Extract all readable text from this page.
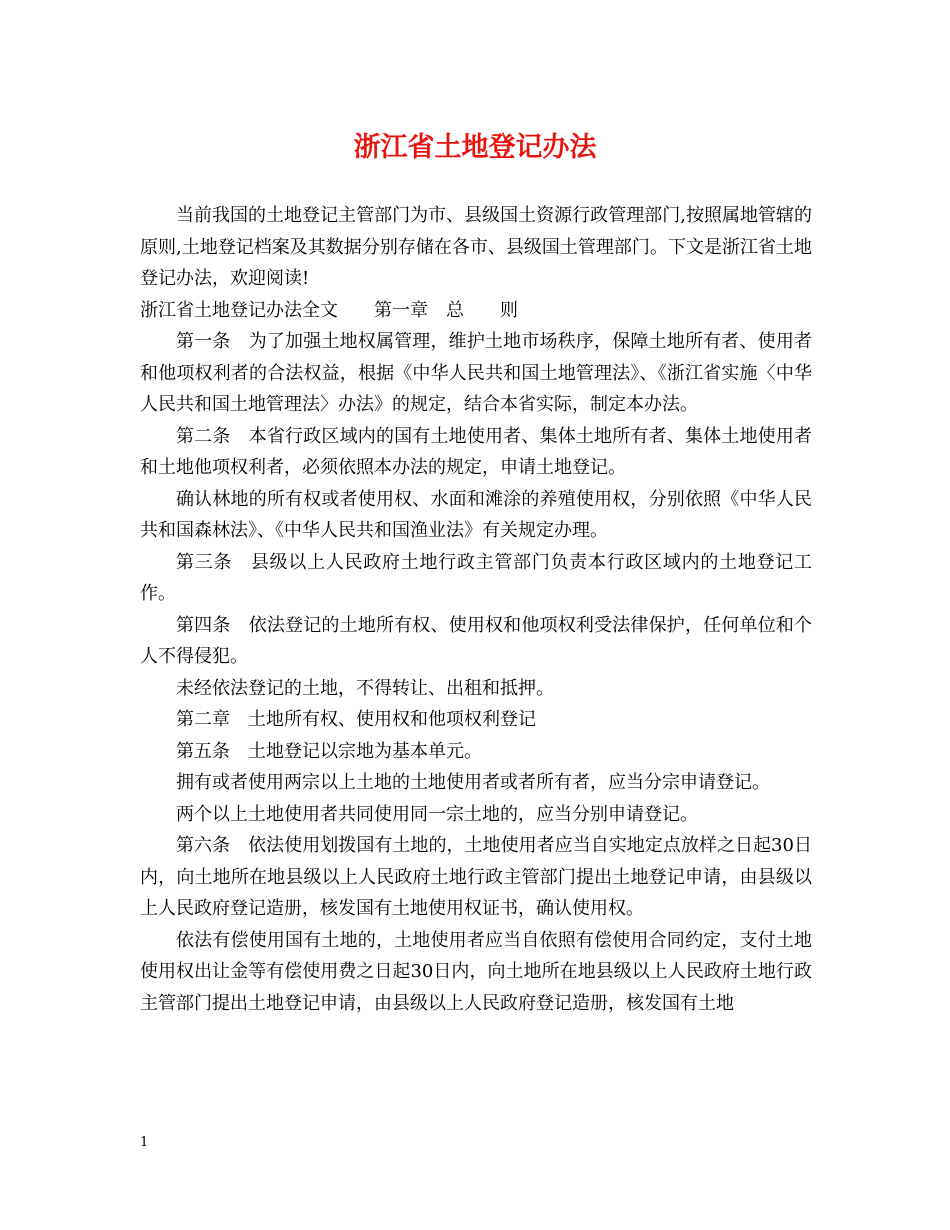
浙江省土地登记办法

当前我国的土地登记主管部门为市、县级国土资源行政管理部门,按照属地管辖的原则,土地登记档案及其数据分别存储在各市、县级国土管理部门。下文是浙江省土地登记办法，欢迎阅读!

浙江省土地登记办法全文　　第一章　总　　则

第一条　为了加强土地权属管理，维护土地市场秩序，保障土地所有者、使用者和他项权利者的合法权益，根据《中华人民共和国土地管理法》、《浙江省实施〈中华人民共和国土地管理法〉办法》的规定，结合本省实际，制定本办法。

第二条　本省行政区域内的国有土地使用者、集体土地所有者、集体土地使用者和土地他项权利者，必须依照本办法的规定，申请土地登记。

确认林地的所有权或者使用权、水面和滩涂的养殖使用权，分别依照《中华人民共和国森林法》、《中华人民共和国渔业法》有关规定办理。

第三条　县级以上人民政府土地行政主管部门负责本行政区域内的土地登记工作。

第四条　依法登记的土地所有权、使用权和他项权利受法律保护，任何单位和个人不得侵犯。

未经依法登记的土地，不得转让、出租和抵押。

第二章　土地所有权、使用权和他项权利登记

第五条　土地登记以宗地为基本单元。

拥有或者使用两宗以上土地的土地使用者或者所有者，应当分宗申请登记。

两个以上土地使用者共同使用同一宗土地的，应当分别申请登记。

第六条　依法使用划拨国有土地的，土地使用者应当自实地定点放样之日起30日内，向土地所在地县级以上人民政府土地行政主管部门提出土地登记申请，由县级以上人民政府登记造册，核发国有土地使用权证书，确认使用权。

依法有偿使用国有土地的，土地使用者应当自依照有偿使用合同约定，支付土地使用权出让金等有偿使用费之日起30日内，向土地所在地县级以上人民政府土地行政主管部门提出土地登记申请，由县级以上人民政府登记造册，核发国有土地

1
